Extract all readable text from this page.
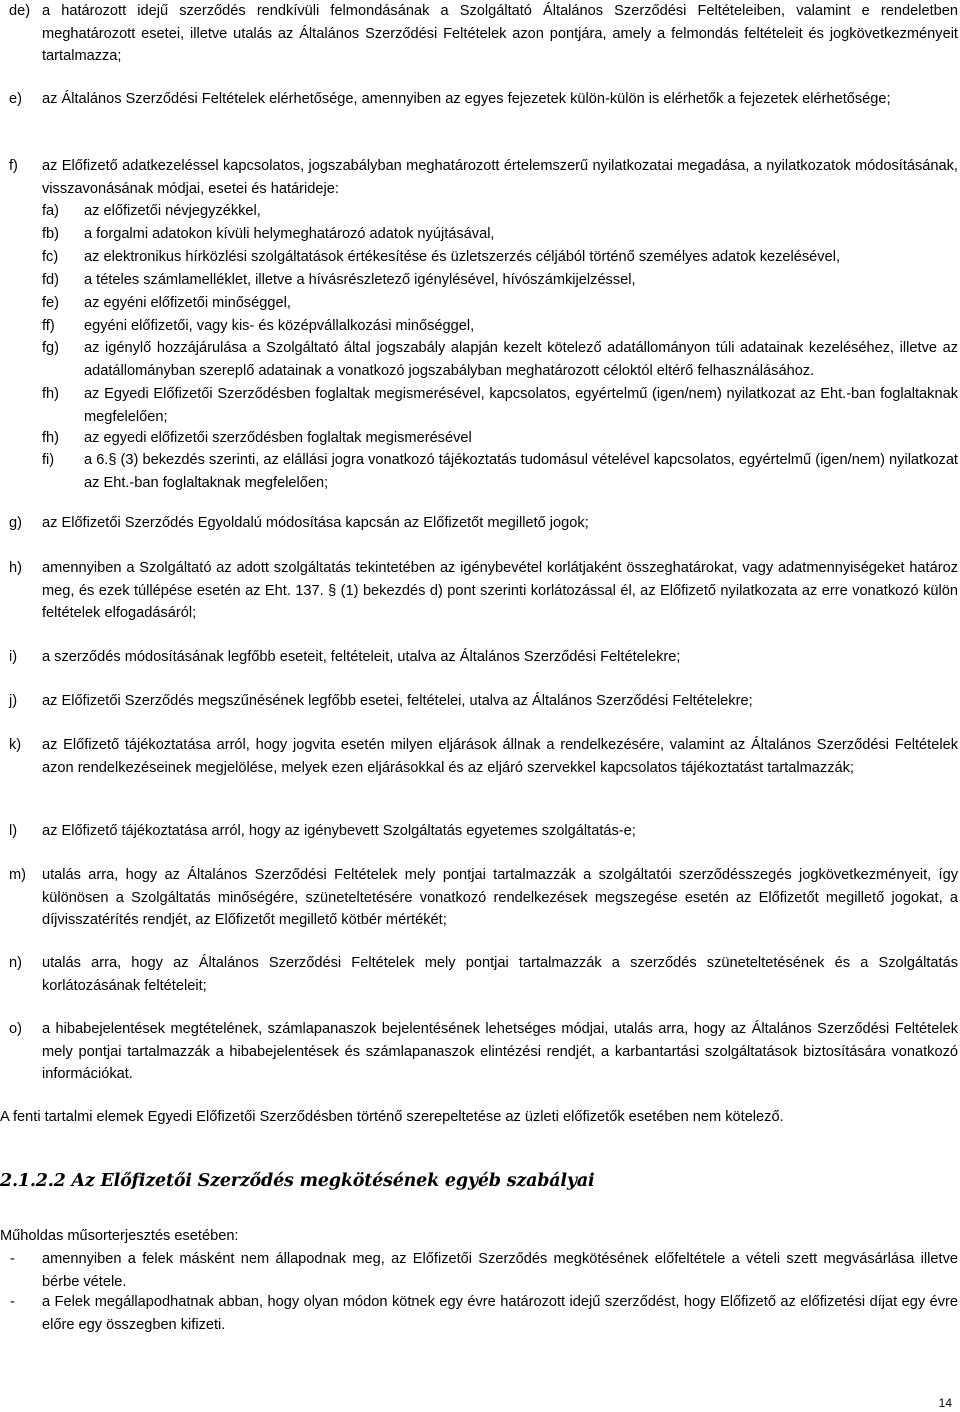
de) a határozott idejű szerződés rendkívüli felmondásának a Szolgáltató Általános Szerződési Feltételeiben, valamint e rendeletben meghatározott esetei, illetve utalás az Általános Szerződési Feltételek azon pontjára, amely a felmondás feltételeit és jogkövetkezményeit tartalmazza;
e) az Általános Szerződési Feltételek elérhetősége, amennyiben az egyes fejezetek külön-külön is elérhetők a fejezetek elérhetősége;
f) az Előfizető adatkezeléssel kapcsolatos, jogszabályban meghatározott értelemszerű nyilatkozatai megadása, a nyilatkozatok módosításának, visszavonásának módjai, esetei és határideje:
fa) az előfizetői névjegyzékkel,
fb) a forgalmi adatokon kívüli helymeghatározó adatok nyújtásával,
fc) az elektronikus hírközlési szolgáltatások értékesítése és üzletszerzés céljából történő személyes adatok kezelésével,
fd) a tételes számlamelléklet, illetve a hívásrészletező igénylésével, hívószámkijelzéssel,
fe) az egyéni előfizetői minőséggel,
ff) egyéni előfizetői, vagy kis- és középvállalkozási minőséggel,
fg) az igénylő hozzájárulása a Szolgáltató által jogszabály alapján kezelt kötelező adatállományon túli adatainak kezeléséhez, illetve az adatállományban szereplő adatainak a vonatkozó jogszabályban meghatározott céloktól eltérő felhasználásához.
fh) az Egyedi Előfizetői Szerződésben foglaltak megismerésével, kapcsolatos, egyértelmű (igen/nem) nyilatkozat az Eht.-ban foglaltaknak megfelelően;
fh) az egyedi előfizetői szerződésben foglaltak megismerésével
fi) a 6.§ (3) bekezdés szerinti, az elállási jogra vonatkozó tájékoztatás tudomásul vételével kapcsolatos, egyértelmű (igen/nem) nyilatkozat az Eht.-ban foglaltaknak megfelelően;
g) az Előfizetői Szerződés Egyoldalú módosítása kapcsán az Előfizetőt megillető jogok;
h) amennyiben a Szolgáltató az adott szolgáltatás tekintetében az igénybevétel korlátjaként összeghatárokat, vagy adatmennyiségeket határoz meg, és ezek túllépése esetén az Eht. 137. § (1) bekezdés d) pont szerinti korlátozással él, az Előfizető nyilatkozata az erre vonatkozó külön feltételek elfogadásáról;
i) a szerződés módosításának legfőbb eseteit, feltételeit, utalva az Általános Szerződési Feltételekre;
j) az Előfizetői Szerződés megszűnésének legfőbb esetei, feltételei, utalva az Általános Szerződési Feltételekre;
k) az Előfizető tájékoztatása arról, hogy jogvita esetén milyen eljárások állnak a rendelkezésére, valamint az Általános Szerződési Feltételek azon rendelkezéseinek megjelölése, melyek ezen eljárásokkal és az eljáró szervekkel kapcsolatos tájékoztatást tartalmazzák;
l) az Előfizető tájékoztatása arról, hogy az igénybevett Szolgáltatás egyetemes szolgáltatás-e;
m) utalás arra, hogy az Általános Szerződési Feltételek mely pontjai tartalmazzák a szolgáltatói szerződésszegés jogkövetkezményeit, így különösen a Szolgáltatás minőségére, szüneteltetésére vonatkozó rendelkezések megszegése esetén az Előfizetőt megillető jogokat, a díjvisszatérítés rendjét, az Előfizetőt megillető kötbér mértékét;
n) utalás arra, hogy az Általános Szerződési Feltételek mely pontjai tartalmazzák a szerződés szüneteltetésének és a Szolgáltatás korlátozásának feltételeit;
o) a hibabejelentések megtételének, számlapanaszok bejelentésének lehetséges módjai, utalás arra, hogy az Általános Szerződési Feltételek mely pontjai tartalmazzák a hibabejelentések és számlapanaszok elintézési rendjét, a karbantartási szolgáltatások biztosítására vonatkozó információkat.
A fenti tartalmi elemek Egyedi Előfizetői Szerződésben történő szerepeltetése az üzleti előfizetők esetében nem kötelező.
2.1.2.2 Az Előfizetői Szerződés megkötésének egyéb szabályai
Műholdas műsorterjesztés esetében:
- amennyiben a felek másként nem állapodnak meg, az Előfizetői Szerződés megkötésének előfeltétele a vételi szett megvásárlása illetve bérbe vétele.
- a Felek megállapodhatnak abban, hogy olyan módon kötnek egy évre határozott idejű szerződést, hogy Előfizető az előfizetési díjat egy évre előre egy összegben kifizeti.
14
